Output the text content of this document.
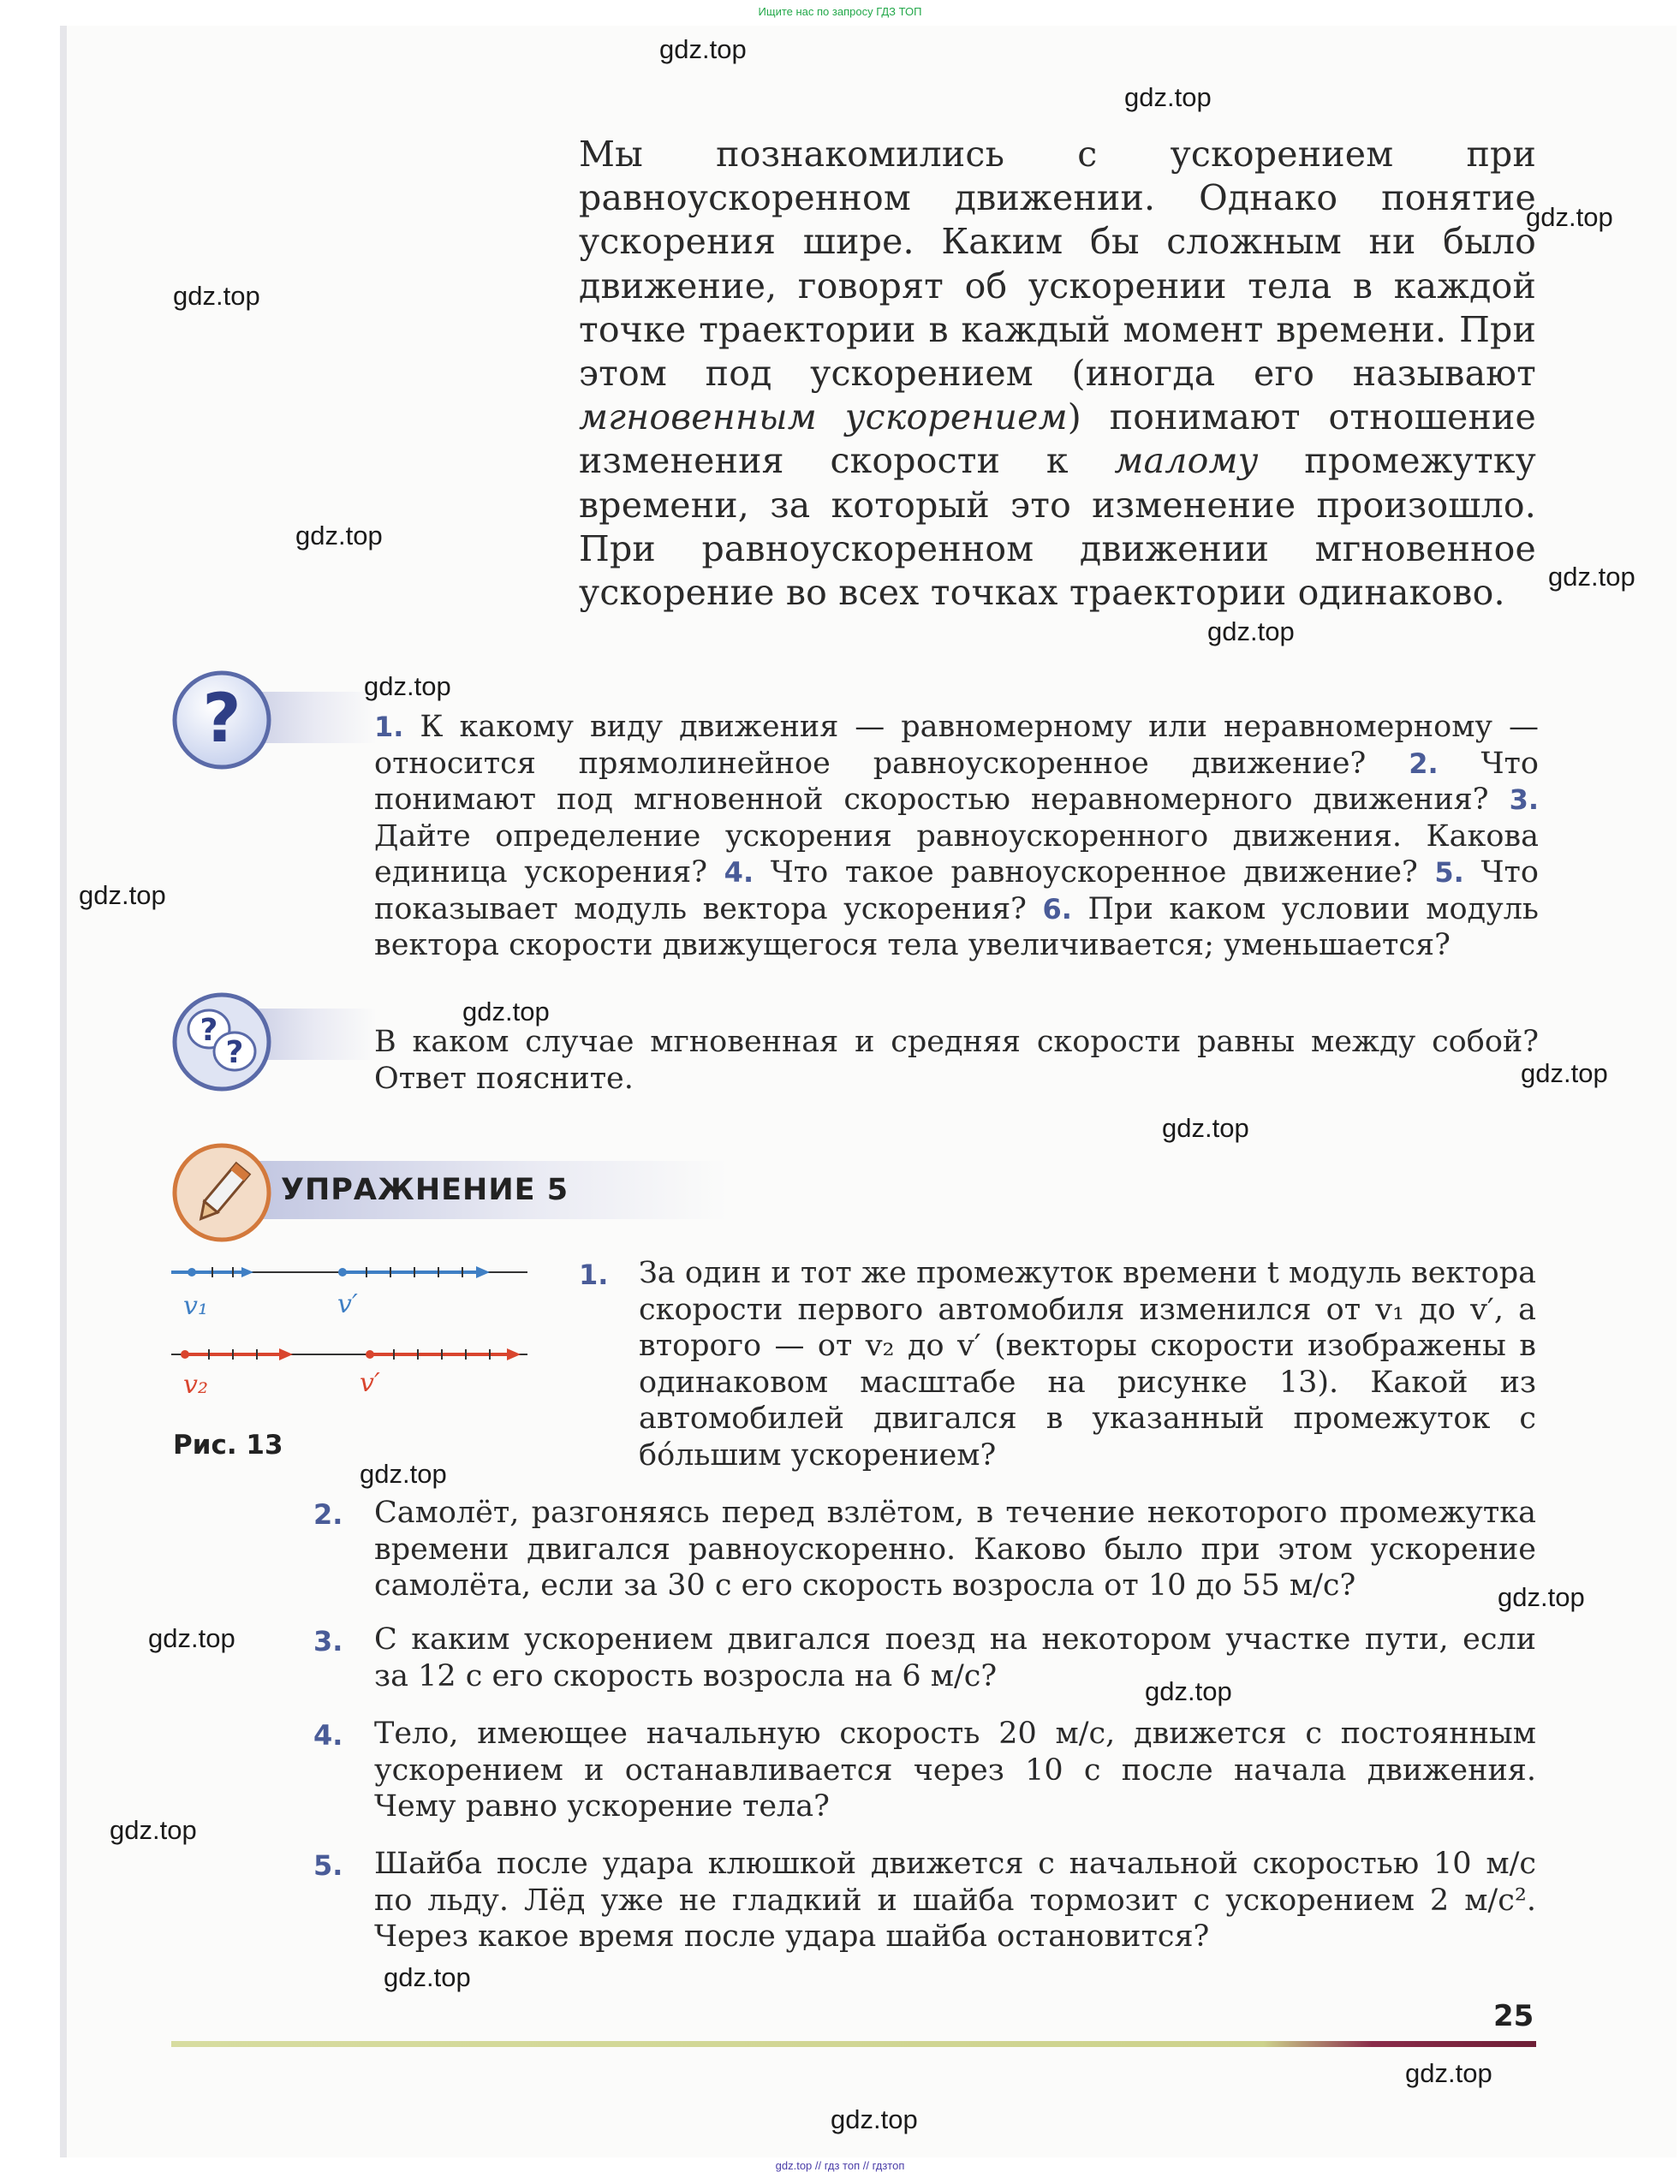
Ищите нас по запросу ГДЗ ТОП
Мы познакомились с ускорением при равноускоренном движении. Однако понятие ускорения шире. Каким бы сложным ни было движение, говорят об ускорении тела в каждой точке траектории в каждый момент времени. При этом под ускорением (иногда его называют мгновенным ускорением) понимают отношение изменения скорости к малому промежутку времени, за который это изменение произошло. При равноускоренном движении мгновенное ускорение во всех точках траектории одинаково.
?	1. К какому виду движения — равномерному или неравномерному — относится прямолинейное равноускоренное движение? 2. Что понимают под мгновенной скоростью неравномерного движения? 3. Дайте определение ускорения равноускоренного движения. Какова единица ускорения? 4. Что такое равноускоренное движение? 5. Что показывает модуль вектора ускорения? 6. При каком условии модуль вектора скорости движущегося тела увеличивается; уменьшается?
?
?	В каком случае мгновенная и средняя скорости равны между собой? Ответ поясните.
УПРАЖНЕНИЕ 5
v₁	v′
v₂	v′
Рис. 13
1. За один и тот же промежуток времени t модуль вектора скорости первого автомобиля изменился от v₁ до v′, а второго — от v₂ до v′ (векторы скорости изображены в одинаковом масштабе на рисунке 13). Какой из автомобилей двигался в указанный промежуток с бóльшим ускорением?
2. Самолёт, разгоняясь перед взлётом, в течение некоторого промежутка времени двигался равноускоренно. Каково было при этом ускорение самолёта, если за 30 с его скорость возросла от 10 до 55 м/с?
3. С каким ускорением двигался поезд на некотором участке пути, если за 12 с его скорость возросла на 6 м/с?
4. Тело, имеющее начальную скорость 20 м/с, движется с постоянным ускорением и останавливается через 10 с после начала движения. Чему равно ускорение тела?
5. Шайба после удара клюшкой движется с начальной скоростью 10 м/с по льду. Лёд уже не гладкий и шайба тормозит с ускорением 2 м/с². Через какое время после удара шайба остановится?
25
gdz.top
gdz.top
gdz.top
gdz.top
gdz.top
gdz.top
gdz.top
gdz.top
gdz.top
gdz.top
gdz.top
gdz.top
gdz.top
gdz.top
gdz.top
gdz.top
gdz.top
gdz.top
gdz.top
gdz.top
gdz.top // гдз топ // гдзтоп
